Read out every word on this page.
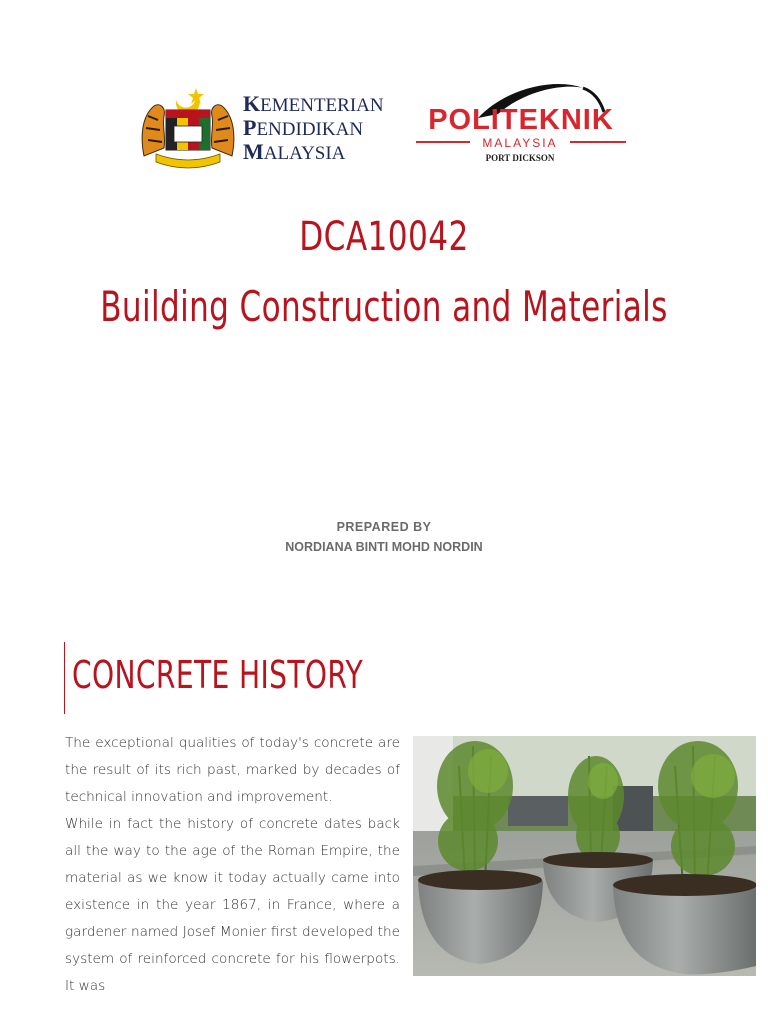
KEMENTERIAN
PENDIDIKAN
MALAYSIA
POLITEKNIK
MALAYSIA
PORT DICKSON
DCA10042
Building Construction and Materials
PREPARED BY
NORDIANA BINTI MOHD NORDIN
CONCRETE HISTORY

The exceptional qualities of today's concrete are the result of its rich past, marked by decades of technical innovation and improvement.

While in fact the history of concrete dates back all the way to the age of the Roman Empire, the material as we know it today actually came into existence in the year 1867, in France, where a gardener named Josef Monier first developed the system of reinforced concrete for his flowerpots. It was
